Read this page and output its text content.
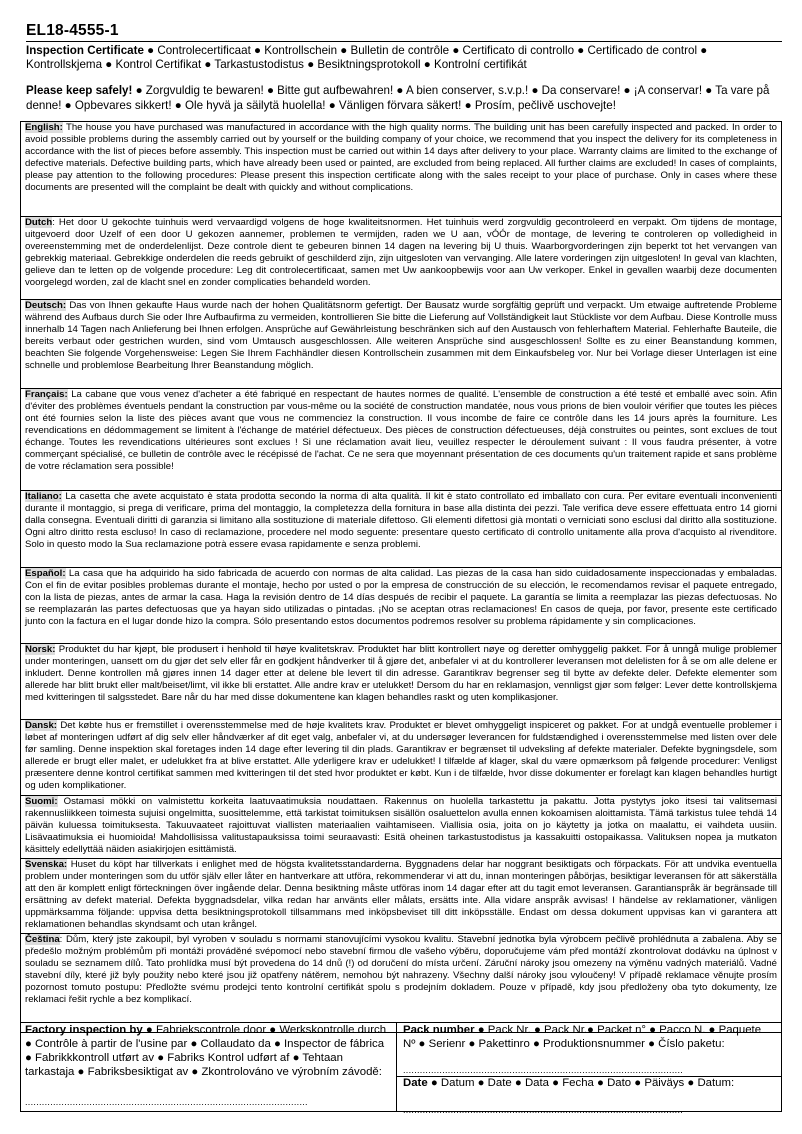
EL18-4555-1
Inspection Certificate ● Controlecertificaat ● Kontrollschein ● Bulletin de contrôle ● Certificato di controllo ● Certificado de control ● Kontrollskjema ● Kontrol Certifikat ● Tarkastustodistus ● Besiktningsprotokoll ● Kontrolní certifikát
Please keep safely! ● Zorgvuldig te bewaren! ● Bitte gut aufbewahren! ● A bien conserver, s.v.p.! ● Da conservare! ● ¡A conservar! ● Ta vare på denne! ● Opbevares sikkert! ● Ole hyvä ja säilytä huolella! ● Vänligen förvara säkert! ● Prosím, pečlivě uschovejte!
English: The house you have purchased was manufactured in accordance with the high quality norms. The building unit has been carefully inspected and packed. In order to avoid possible problems during the assembly carried out by yourself or the building company of your choice, we recommend that you inspect the delivery for its completeness in accordance with the list of pieces before assembly. This inspection must be carried out within 14 days after delivery to your place. Warranty claims are limited to the exchange of defective materials. Defective building parts, which have already been used or painted, are excluded from being replaced. All further claims are excluded! In cases of complaints, please pay attention to the following procedures: Please present this inspection certificate along with the sales receipt to your place of purchase. Only in cases where these documents are presented will the complaint be dealt with quickly and without complications.
Dutch: Het door U gekochte tuinhuis werd vervaardigd volgens de hoge kwaliteitsnormen. Het tuinhuis werd zorgvuldig gecontroleerd en verpakt. Om tijdens de montage, uitgevoerd door Uzelf of een door U gekozen aannemer, problemen te vermijden, raden we U aan, vÓÓr de montage, de levering te controleren op volledigheid in overeenstemming met de onderdelenlijst. Deze controle dient te gebeuren binnen 14 dagen na levering bij U thuis. Waarborgvorderingen zijn beperkt tot het vervangen van gebrekkig materiaal. Gebrekkige onderdelen die reeds gebruikt of geschilderd zijn, zijn uitgesloten van vervanging. Alle latere vorderingen zijn uitgesloten! In geval van klachten, gelieve dan te letten op de volgende procedure: Leg dit controlecertificaat, samen met Uw aankoopbewijs voor aan Uw verkoper. Enkel in gevallen waarbij deze documenten voorgelegd worden, zal de klacht snel en zonder complicaties behandeld worden.
Deutsch: Das von Ihnen gekaufte Haus wurde nach der hohen Qualitätsnorm gefertigt. Der Bausatz wurde sorgfältig geprüft und verpackt. Um etwaige auftretende Probleme während des Aufbaus durch Sie oder Ihre Aufbaufirma zu vermeiden, kontrollieren Sie bitte die Lieferung auf Vollständigkeit laut Stückliste vor dem Aufbau. Diese Kontrolle muss innerhalb 14 Tagen nach Anlieferung bei Ihnen erfolgen. Ansprüche auf Gewährleistung beschränken sich auf den Austausch von fehlerhaftem Material. Fehlerhafte Bauteile, die bereits verbaut oder gestrichen wurden, sind vom Umtausch ausgeschlossen. Alle weiteren Ansprüche sind ausgeschlossen! Sollte es zu einer Beanstandung kommen, beachten Sie folgende Vorgehensweise: Legen Sie Ihrem Fachhändler diesen Kontrollschein zusammen mit dem Einkaufsbeleg vor. Nur bei Vorlage dieser Unterlagen ist eine schnelle und problemlose Bearbeitung Ihrer Beanstandung möglich.
Français: La cabane que vous venez d'acheter a été fabriqué en respectant de hautes normes de qualité. L'ensemble de construction a été testé et emballé avec soin. Afin d'éviter des problèmes éventuels pendant la construction par vous-même ou la société de construction mandatée, nous vous prions de bien vouloir vérifier que toutes les pièces ont été fournies selon la liste des pièces avant que vous ne commenciez la construction. Il vous incombe de faire ce contrôle dans les 14 jours après la fourniture. Les revendications en dédommagement se limitent à l'échange de matériel défectueux. Des pièces de construction défectueuses, déjà construites ou peintes, sont exclues de tout échange. Toutes les revendications ultérieures sont exclues ! Si une réclamation avait lieu, veuillez respecter le déroulement suivant : Il vous faudra présenter, à votre commerçant spécialisé, ce bulletin de contrôle avec le récépissé de l'achat. Ce ne sera que moyennant présentation de ces documents qu'un traitement rapide et sans problème de votre réclamation sera possible!
Italiano: La casetta che avete acquistato è stata prodotta secondo la norma di alta qualità. Il kit è stato controllato ed imballato con cura. Per evitare eventuali inconvenienti durante il montaggio, si prega di verificare, prima del montaggio, la completezza della fornitura in base alla distinta dei pezzi. Tale verifica deve essere effettuata entro 14 giorni dalla consegna. Eventuali diritti di garanzia si limitano alla sostituzione di materiale difettoso. Gli elementi difettosi già montati o verniciati sono esclusi dal diritto alla sostituzione. Ogni altro diritto resta escluso! In caso di reclamazione, procedere nel modo seguente: presentare questo certificato di controllo unitamente alla prova d'acquisto al rivenditore. Solo in questo modo la Sua reclamazione potrà essere evasa rapidamente e senza problemi.
Español: La casa que ha adquirido ha sido fabricada de acuerdo con normas de alta calidad. Las piezas de la casa han sido cuidadosamente inspeccionadas y embaladas. Con el fin de evitar posibles problemas durante el montaje, hecho por usted o por la empresa de construcción de su elección, le recomendamos revisar el paquete entregado, con la lista de piezas, antes de armar la casa. Haga la revisión dentro de 14 días después de recibir el paquete. La garantía se limita a reemplazar las piezas defectuosas. No se reemplazarán las partes defectuosas que ya hayan sido utilizadas o pintadas. ¡No se aceptan otras reclamaciones! En casos de queja, por favor, presente este certificado junto con la factura en el lugar donde hizo la compra. Sólo presentando estos documentos podremos resolver su problema rápidamente y sin complicaciones.
Norsk: Produktet du har kjøpt, ble produsert i henhold til høye kvalitetskrav. Produktet har blitt kontrollert nøye og deretter omhyggelig pakket. For å unngå mulige problemer under monteringen, uansett om du gjør det selv eller får en godkjent håndverker til å gjøre det, anbefaler vi at du kontrollerer leveransen mot delelisten for å se om alle delene er inkludert. Denne kontrollen må gjøres innen 14 dager etter at delene ble levert til din adresse. Garantikrav begrenser seg til bytte av defekte deler. Defekte elementer som allerede har blitt brukt eller malt/beiset/limt, vil ikke bli erstattet. Alle andre krav er utelukket! Dersom du har en reklamasjon, vennligst gjør som følger: Lever dette kontrollskjema med kvitteringen til salgsstedet. Bare når du har med disse dokumentene kan klagen behandles raskt og uten komplikasjoner.
Dansk: Det købte hus er fremstillet i overensstemmelse med de høje kvalitets krav. Produktet er blevet omhyggeligt inspiceret og pakket. For at undgå eventuelle problemer i løbet af monteringen udført af dig selv eller håndværker af dit eget valg, anbefaler vi, at du undersøger leverancen for fuldstændighed i overensstemmelse med listen over dele før samling. Denne inspektion skal foretages inden 14 dage efter levering til din plads. Garantikrav er begrænset til udveksling af defekte materialer. Defekte bygningsdele, som allerede er brugt eller malet, er udelukket fra at blive erstattet. Alle yderligere krav er udelukket! I tilfælde af klager, skal du være opmærksom på følgende procedurer: Venligst præsentere denne kontrol certifikat sammen med kvitteringen til det sted hvor produktet er købt. Kun i de tilfælde, hvor disse dokumenter er forelagt kan klagen behandles hurtigt og uden komplikationer.
Suomi: Ostamasi mökki on valmistettu korkeita laatuvaatimuksia noudattaen. Rakennus on huolella tarkastettu ja pakattu. Jotta pystytys joko itsesi tai valitsemasi rakennusliikkeen toimesta sujuisi ongelmitta, suosittelemme, että tarkistat toimituksen sisällön osaluettelon avulla ennen kokoamisen aloittamista. Tämä tarkistus tulee tehdä 14 päivän kuluessa toimituksesta. Takuuvaateet rajoittuvat viallisten materiaalien vaihtamiseen. Viallisia osia, joita on jo käytetty ja jotka on maalattu, ei vaihdeta uusiin. Lisävaatimuksia ei huomioida! Mahdollisissa valitustapauksissa toimi seuraavasti: Esitä oheinen tarkastustodistus ja kassakuitti ostopaikassa. Valituksen nopea ja mutkaton käsittely edellyttää näiden asiakirjojen esittämistä.
Svenska: Huset du köpt har tillverkats i enlighet med de högsta kvalitetsstandarderna. Byggnadens delar har noggrant besiktigats och förpackats. För att undvika eventuella problem under monteringen som du utför själv eller låter en hantverkare att utföra, rekommenderar vi att du, innan monteringen påbörjas, besiktigar leveransen för att säkerställa att den är komplett enligt förteckningen över ingående delar. Denna besiktning måste utföras inom 14 dagar efter att du tagit emot leveransen. Garantianspråk är begränsade till ersättning av defekt material. Defekta byggnadsdelar, vilka redan har använts eller målats, ersätts inte. Alla vidare anspråk avvisas! I händelse av reklamationer, vänligen uppmärksamma följande: uppvisa detta besiktningsprotokoll tillsammans med inköpsbeviset till ditt inköpsställe. Endast om dessa dokument uppvisas kan vi garantera att reklamationen behandlas skyndsamt och utan krångel.
Čeština: Dům, který jste zakoupil, byl vyroben v souladu s normami stanovujícími vysokou kvalitu. Stavební jednotka byla výrobcem pečlivě prohlédnuta a zabalena. Aby se předešlo možným problémům při montáži prováděné svépomocí nebo stavební firmou dle vašeho výběru, doporučujeme vám před montáží zkontrolovat dodávku na úplnost v souladu se seznamem dílů. Tato prohlídka musí být provedena do 14 dnů (!) od doručení do místa určení. Záruční nároky jsou omezeny na výměnu vadných materiálů. Vadné stavební díly, které již byly použity nebo které jsou již opatřeny nátěrem, nemohou být nahrazeny. Všechny další nároky jsou vyloučeny! V případě reklamace věnujte prosím pozornost tomuto postupu: Předložte svému prodejci tento kontrolní certifikát spolu s prodejním dokladem. Pouze v případě, kdy jsou předloženy oba tyto dokumenty, lze reklamaci řešit rychle a bez komplikací.
Factory inspection by ● Fabriekscontrole door ● Werkskontrolle durch ● Contrôle à partir de l'usine par ● Collaudato da ● Inspector de fábrica ● Fabrikkkontroll utført av ● Fabriks Kontrol udført af ● Tehtaan tarkastaja ● Fabriksbesiktigat av ● Zkontrolováno ve výrobním závodě:
.....................................................................................................
Pack number ● Pack Nr. ● Pack Nr.● Packet n° ● Pacco N. ● Paquete Nº ● Serienr ● Pakettinro ● Produktionsnummer ● Číslo paketu:
....................................................................................................
Date ● Datum ● Date ● Data ● Fecha ● Dato ● Päiväys ● Datum:
....................................................................................................
